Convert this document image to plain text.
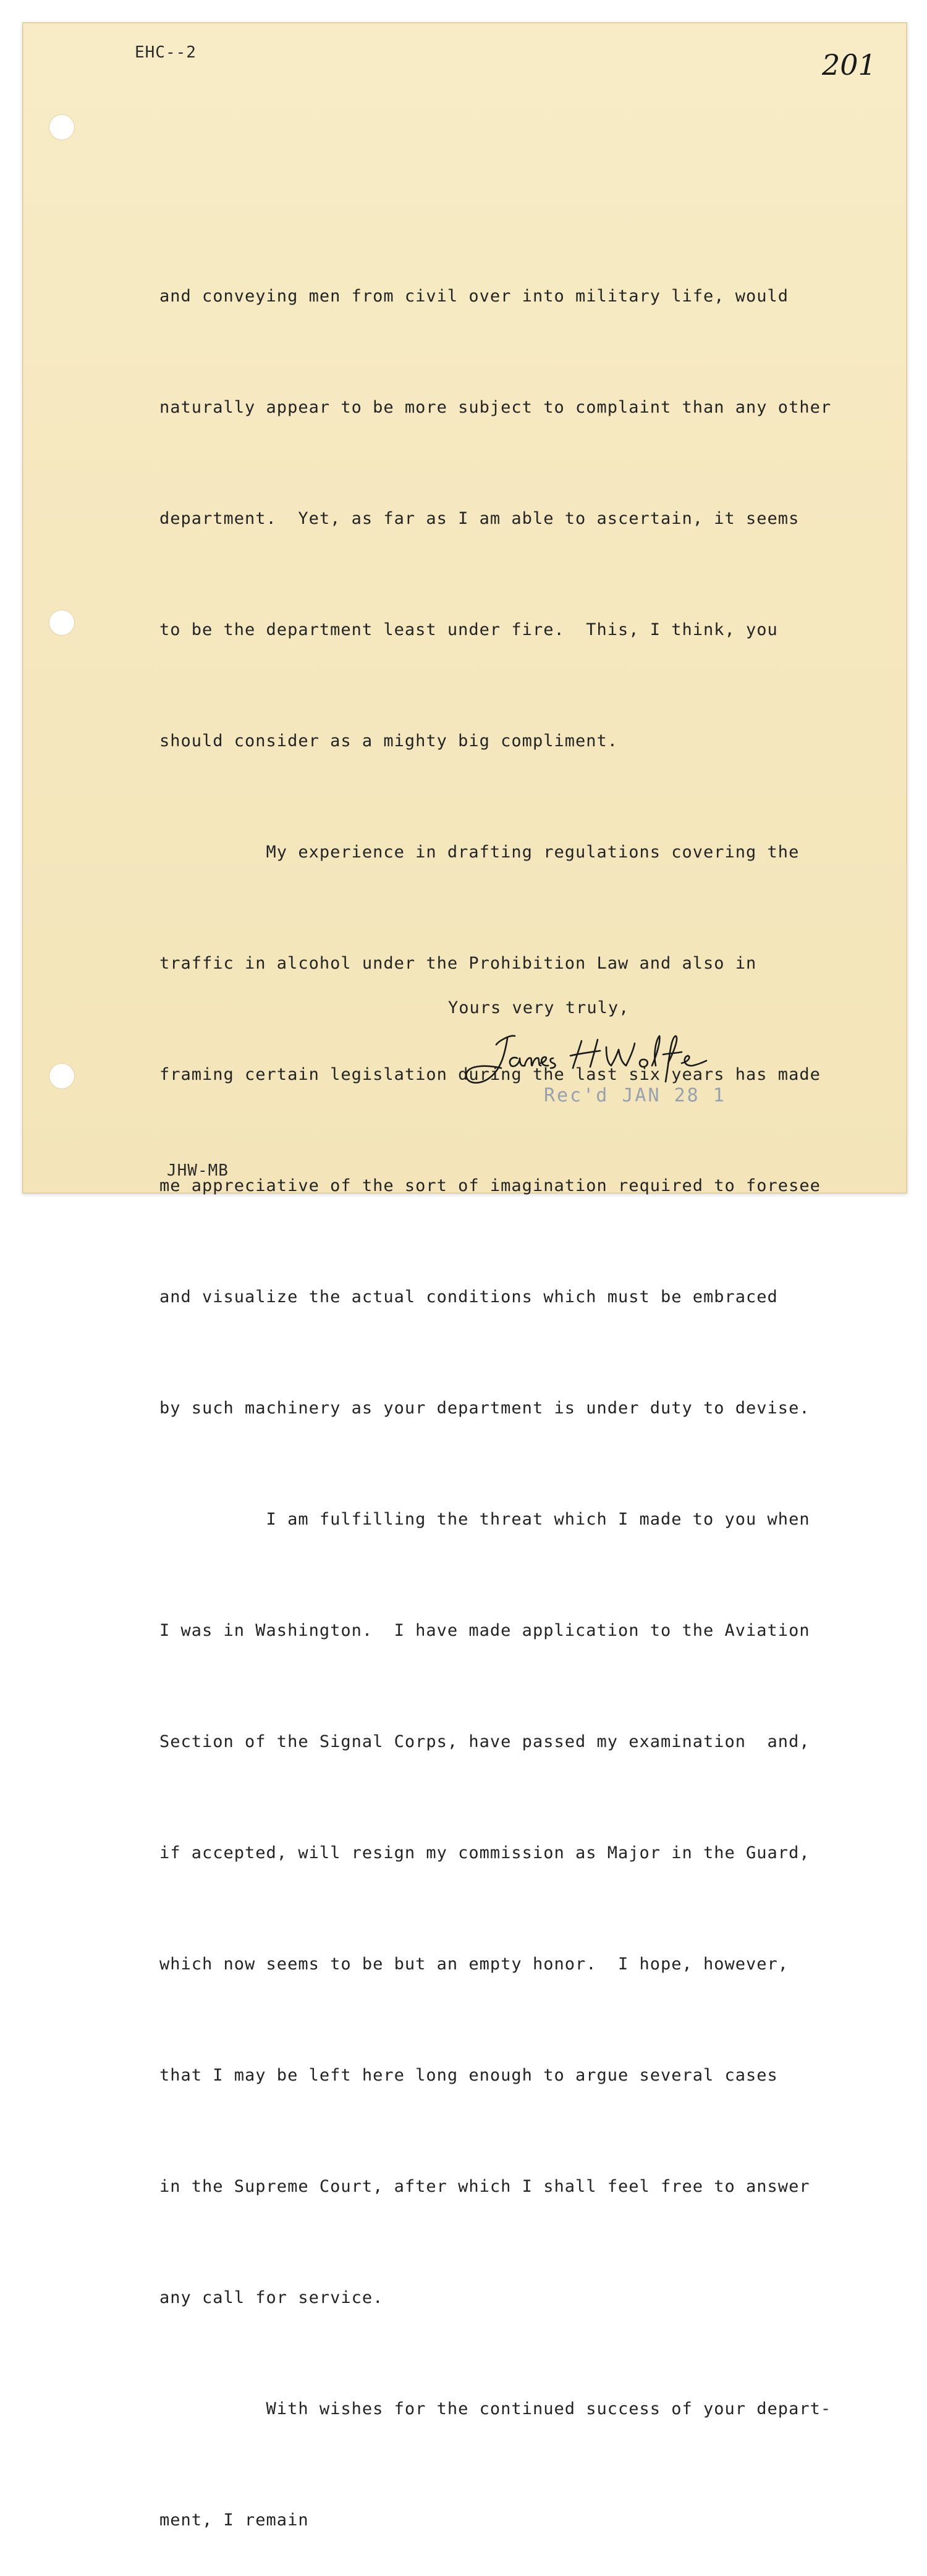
EHC--2	201

and conveying men from civil over into military life, would

naturally appear to be more subject to complaint than any other

department.  Yet, as far as I am able to ascertain, it seems

to be the department least under fire.  This, I think, you

should consider as a mighty big compliment.

My experience in drafting regulations covering the

traffic in alcohol under the Prohibition Law and also in

framing certain legislation during the last six years has made

me appreciative of the sort of imagination required to foresee

and visualize the actual conditions which must be embraced

by such machinery as your department is under duty to devise.

I am fulfilling the threat which I made to you when

I was in Washington.  I have made application to the Aviation

Section of the Signal Corps, have passed my examination  and,

if accepted, will resign my commission as Major in the Guard,

which now seems to be but an empty honor.  I hope, however,

that I may be left here long enough to argue several cases

in the Supreme Court, after which I shall feel free to answer

any call for service.

With wishes for the continued success of your depart-

ment, I remain

Yours very truly,
Rec'd JAN 28 1
JHW-MB
